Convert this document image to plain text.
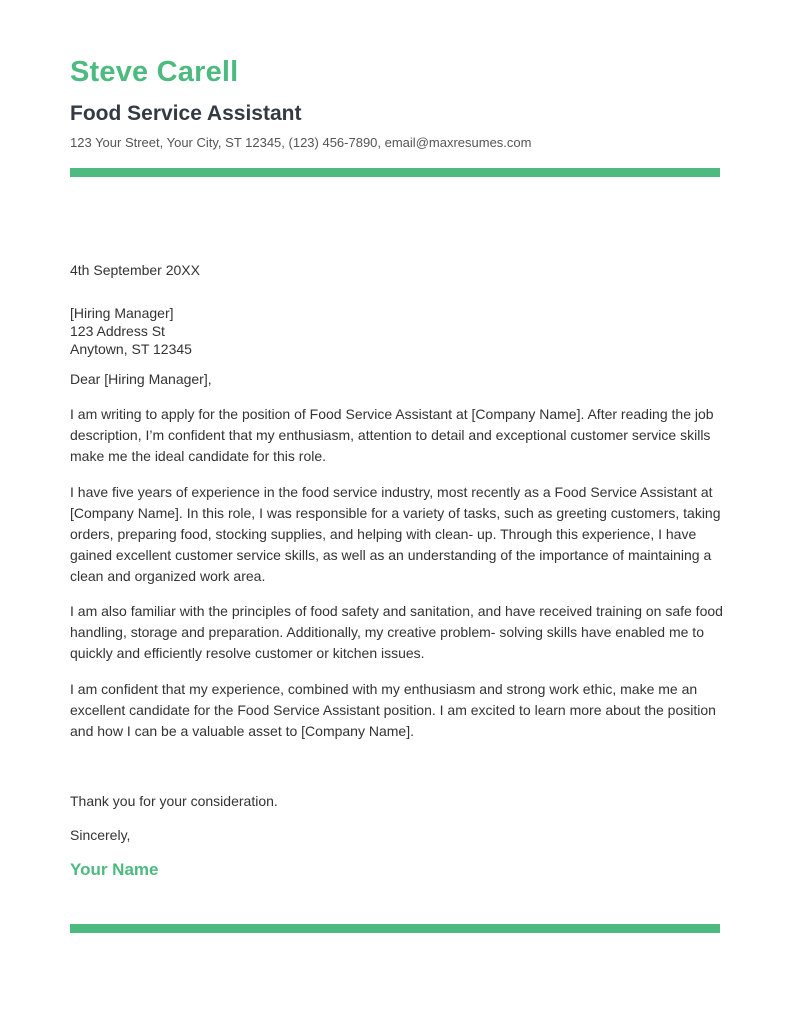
Steve Carell
Food Service Assistant
123 Your Street, Your City, ST 12345, (123) 456-7890, email@maxresumes.com
4th September 20XX
[Hiring Manager]
123 Address St
Anytown, ST 12345
Dear [Hiring Manager],

I am writing to apply for the position of Food Service Assistant at [Company Name]. After reading the job description, I’m confident that my enthusiasm, attention to detail and exceptional customer service skills make me the ideal candidate for this role.

I have five years of experience in the food service industry, most recently as a Food Service Assistant at [Company Name]. In this role, I was responsible for a variety of tasks, such as greeting customers, taking orders, preparing food, stocking supplies, and helping with clean- up. Through this experience, I have gained excellent customer service skills, as well as an understanding of the importance of maintaining a clean and organized work area.

I am also familiar with the principles of food safety and sanitation, and have received training on safe food handling, storage and preparation. Additionally, my creative problem- solving skills have enabled me to quickly and efficiently resolve customer or kitchen issues.

I am confident that my experience, combined with my enthusiasm and strong work ethic, make me an excellent candidate for the Food Service Assistant position. I am excited to learn more about the position and how I can be a valuable asset to [Company Name].

Thank you for your consideration.
Sincerely,
Your Name
